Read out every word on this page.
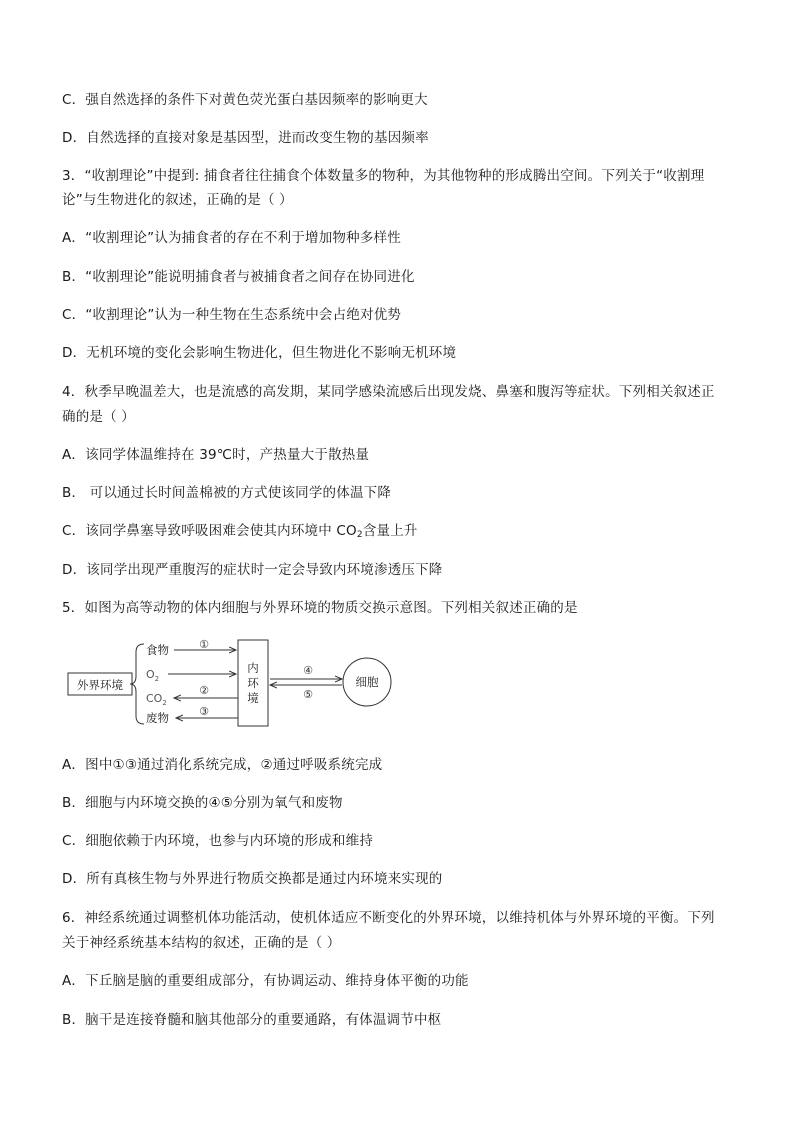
C．强自然选择的条件下对黄色荧光蛋白基因频率的影响更大
D．自然选择的直接对象是基因型，进而改变生物的基因频率
3．“收割理论”中提到: 捕食者往往捕食个体数量多的物种，为其他物种的形成腾出空间。下列关于“收割理
论”与生物进化的叙述，正确的是（ ）
A．“收割理论”认为捕食者的存在不利于增加物种多样性
B．“收割理论”能说明捕食者与被捕食者之间存在协同进化
C．“收割理论”认为一种生物在生态系统中会占绝对优势
D．无机环境的变化会影响生物进化，但生物进化不影响无机环境
4．秋季早晚温差大，也是流感的高发期，某同学感染流感后出现发烧、鼻塞和腹泻等症状。下列相关叙述正
确的是（ ）
A．该同学体温维持在 39℃时，产热量大于散热量
B． 可以通过长时间盖棉被的方式使该同学的体温下降
C．该同学鼻塞导致呼吸困难会使其内环境中 $CO_2$含量上升
D．该同学出现严重腹泻的症状时一定会导致内环境渗透压下降
5．如图为高等动物的体内细胞与外界环境的物质交换示意图。下列相关叙述正确的是
外界环境
食物
$O_2$
$CO_2$
废物
①
②
③
内
环
境
④
⑤
细胞
A．图中①③通过消化系统完成，②通过呼吸系统完成
B．细胞与内环境交换的④⑤分别为氧气和废物
C．细胞依赖于内环境，也参与内环境的形成和维持
D．所有真核生物与外界进行物质交换都是通过内环境来实现的
6．神经系统通过调整机体功能活动，使机体适应不断变化的外界环境，以维持机体与外界环境的平衡。下列
关于神经系统基本结构的叙述，正确的是（ ）
A．下丘脑是脑的重要组成部分，有协调运动、维持身体平衡的功能
B．脑干是连接脊髓和脑其他部分的重要通路，有体温调节中枢
